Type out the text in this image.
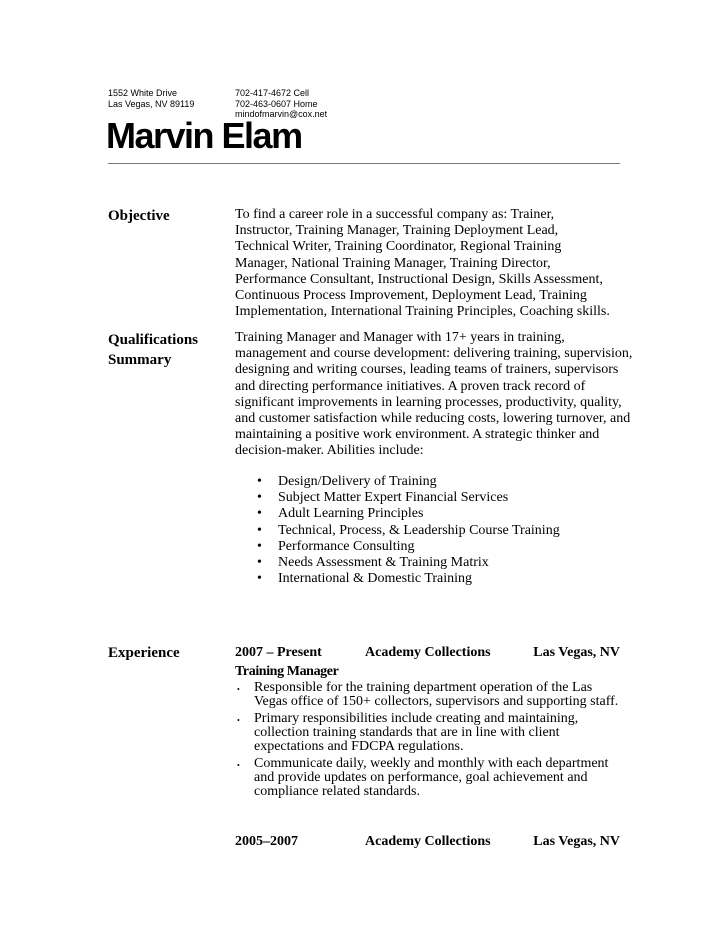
1552 White Drive
Las Vegas, NV 89119
702-417-4672 Cell
702-463-0607 Home
mindofmarvin@cox.net
Marvin Elam
Objective	To find a career role in a successful company as: Trainer,
Instructor, Training Manager, Training Deployment Lead,
Technical Writer, Training Coordinator, Regional Training
Manager, National Training Manager, Training Director,
Performance Consultant, Instructional Design, Skills Assessment,
Continuous Process Improvement, Deployment Lead, Training
Implementation, International Training Principles, Coaching skills.
Qualifications
Summary
Training Manager and Manager with 17+ years in training,
management and course development: delivering training, supervision,
designing and writing courses, leading teams of trainers, supervisors
and directing performance initiatives. A proven track record of
significant improvements in learning processes, productivity, quality,
and customer satisfaction while reducing costs, lowering turnover, and
maintaining a positive work environment. A strategic thinker and
decision-maker. Abilities include:
• Design/Delivery of Training
• Subject Matter Expert Financial Services
• Adult Learning Principles
• Technical, Process, & Leadership Course Training
• Performance Consulting
• Needs Assessment & Training Matrix
• International & Domestic Training
Experience	2007 – Present	Academy Collections	Las Vegas, NV
Training Manager
• Responsible for the training department operation of the Las
Vegas office of 150+ collectors, supervisors and supporting staff.
• Primary responsibilities include creating and maintaining,
collection training standards that are in line with client
expectations and FDCPA regulations.
• Communicate daily, weekly and monthly with each department
and provide updates on performance, goal achievement and
compliance related standards.
2005–2007	Academy Collections	Las Vegas, NV
